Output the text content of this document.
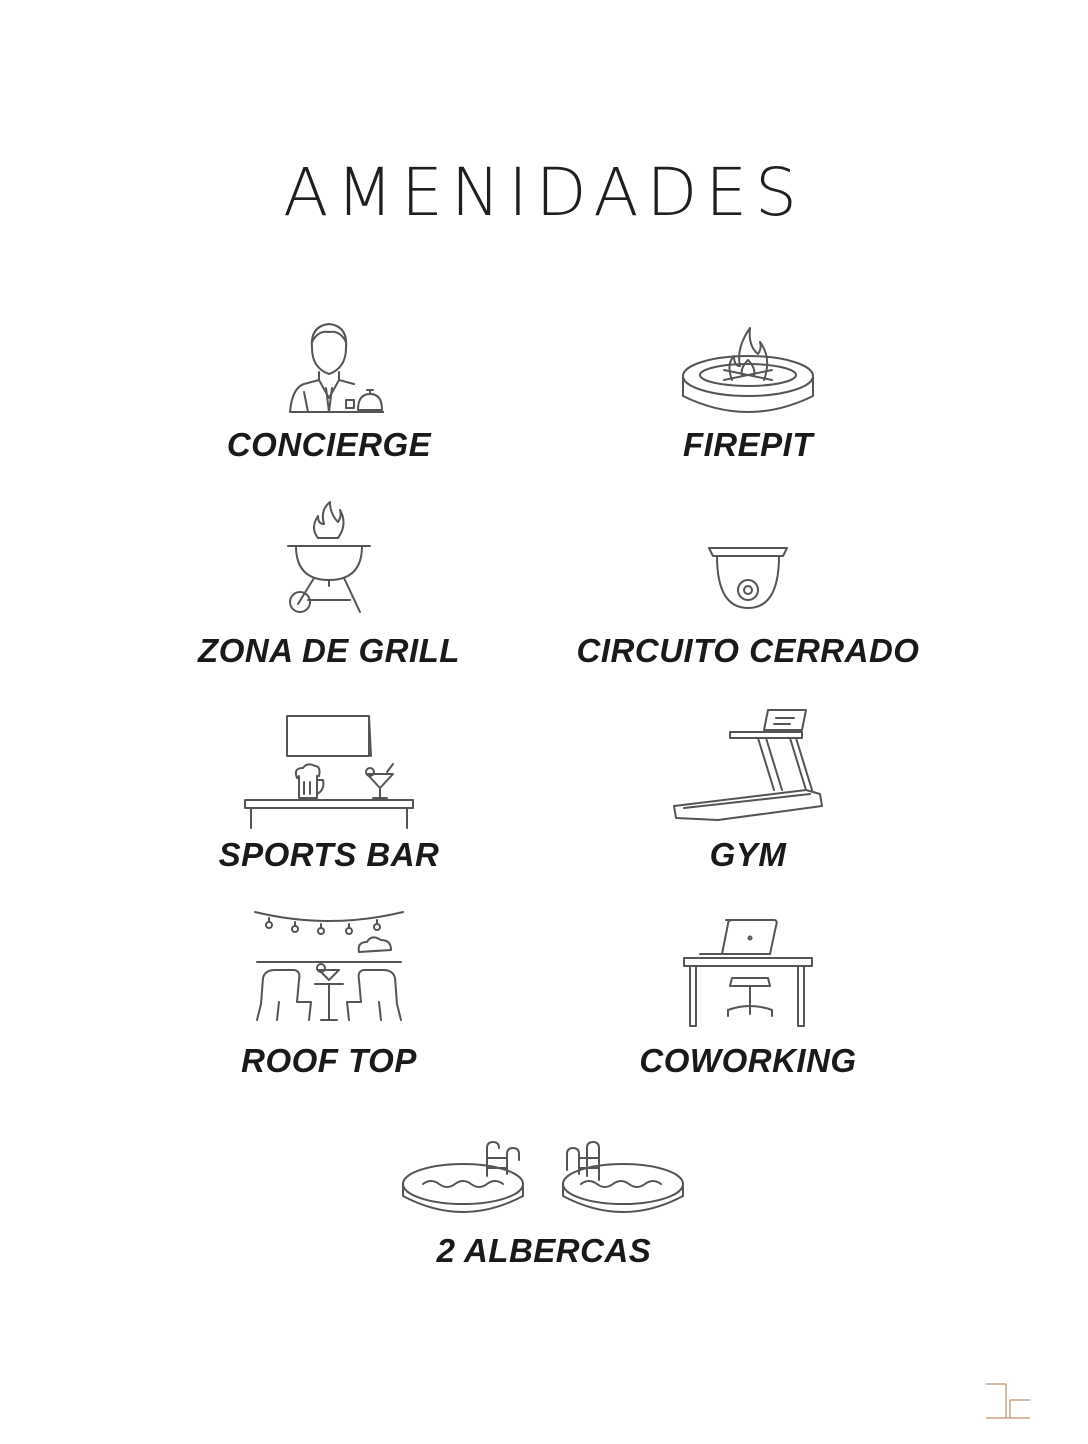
AMENIDADES
CONCIERGE	FIREPIT
ZONA DE GRILL	CIRCUITO CERRADO
SPORTS BAR	GYM
ROOF TOP	COWORKING
2 ALBERCAS
